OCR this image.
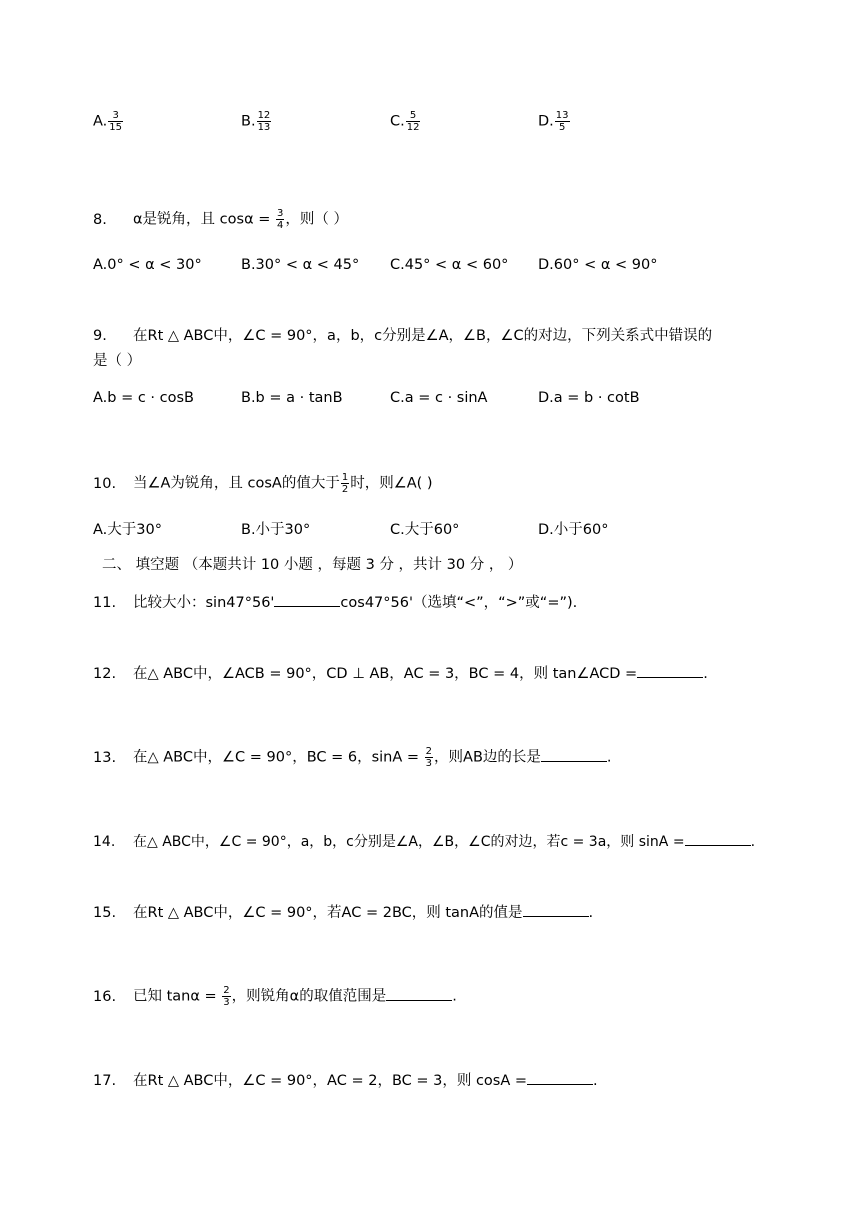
A. $\frac{3}{15}$	B. $\frac{12}{13}$	C. $\frac{5}{12}$	D. $\frac{13}{5}$
8. α是锐角，且 $\cos\alpha = \frac{3}{4}$ ，则（ ）
A.0° < α < 30°	B.30° < α < 45° C.45° < α < 60° D.60° < α < 90°
9. 在Rt △ ABC中，∠C = 90°，a，b，c分别是∠A，∠B，∠C的对边，下列关系式中错误的
是（ ）
A.b = c · cosB	B.b = a · tanB	C.a = c · sinA	D.a = b · cotB
10. 当∠A为锐角，且 cosA的值大于 $\frac{1}{2}$ 时，则∠A( )
A.大于30°	B.小于30°	C.大于60°	D.小于60°
二、 填空题 （本题共计 10 小题 ，每题 3 分 ，共计 30 分 ， ）
11. 比较大小：sin47°56'	cos47°56'（选填“<”，“>”或“=”).
12. 在△ ABC中，∠ACB = 90°，CD ⊥ AB，AC = 3，BC = 4，则 tan∠ACD =	.
13. 在△ ABC中，∠C = 90°，BC = 6，$\sin A = \frac{2}{3}$ ，则AB边的长是	.
14. 在△ ABC中，∠C = 90°，a，b，c分别是∠A，∠B，∠C的对边，若c = 3a，则 sinA =	.
15. 在Rt △ ABC中，∠C = 90°，若AC = 2BC，则 tanA的值是	.
16. 已知 $\tan\alpha = \frac{2}{3}$ ，则锐角α的取值范围是	.
17. 在Rt △ ABC中，∠C = 90°，AC = 2，BC = 3，则 cosA =	.
